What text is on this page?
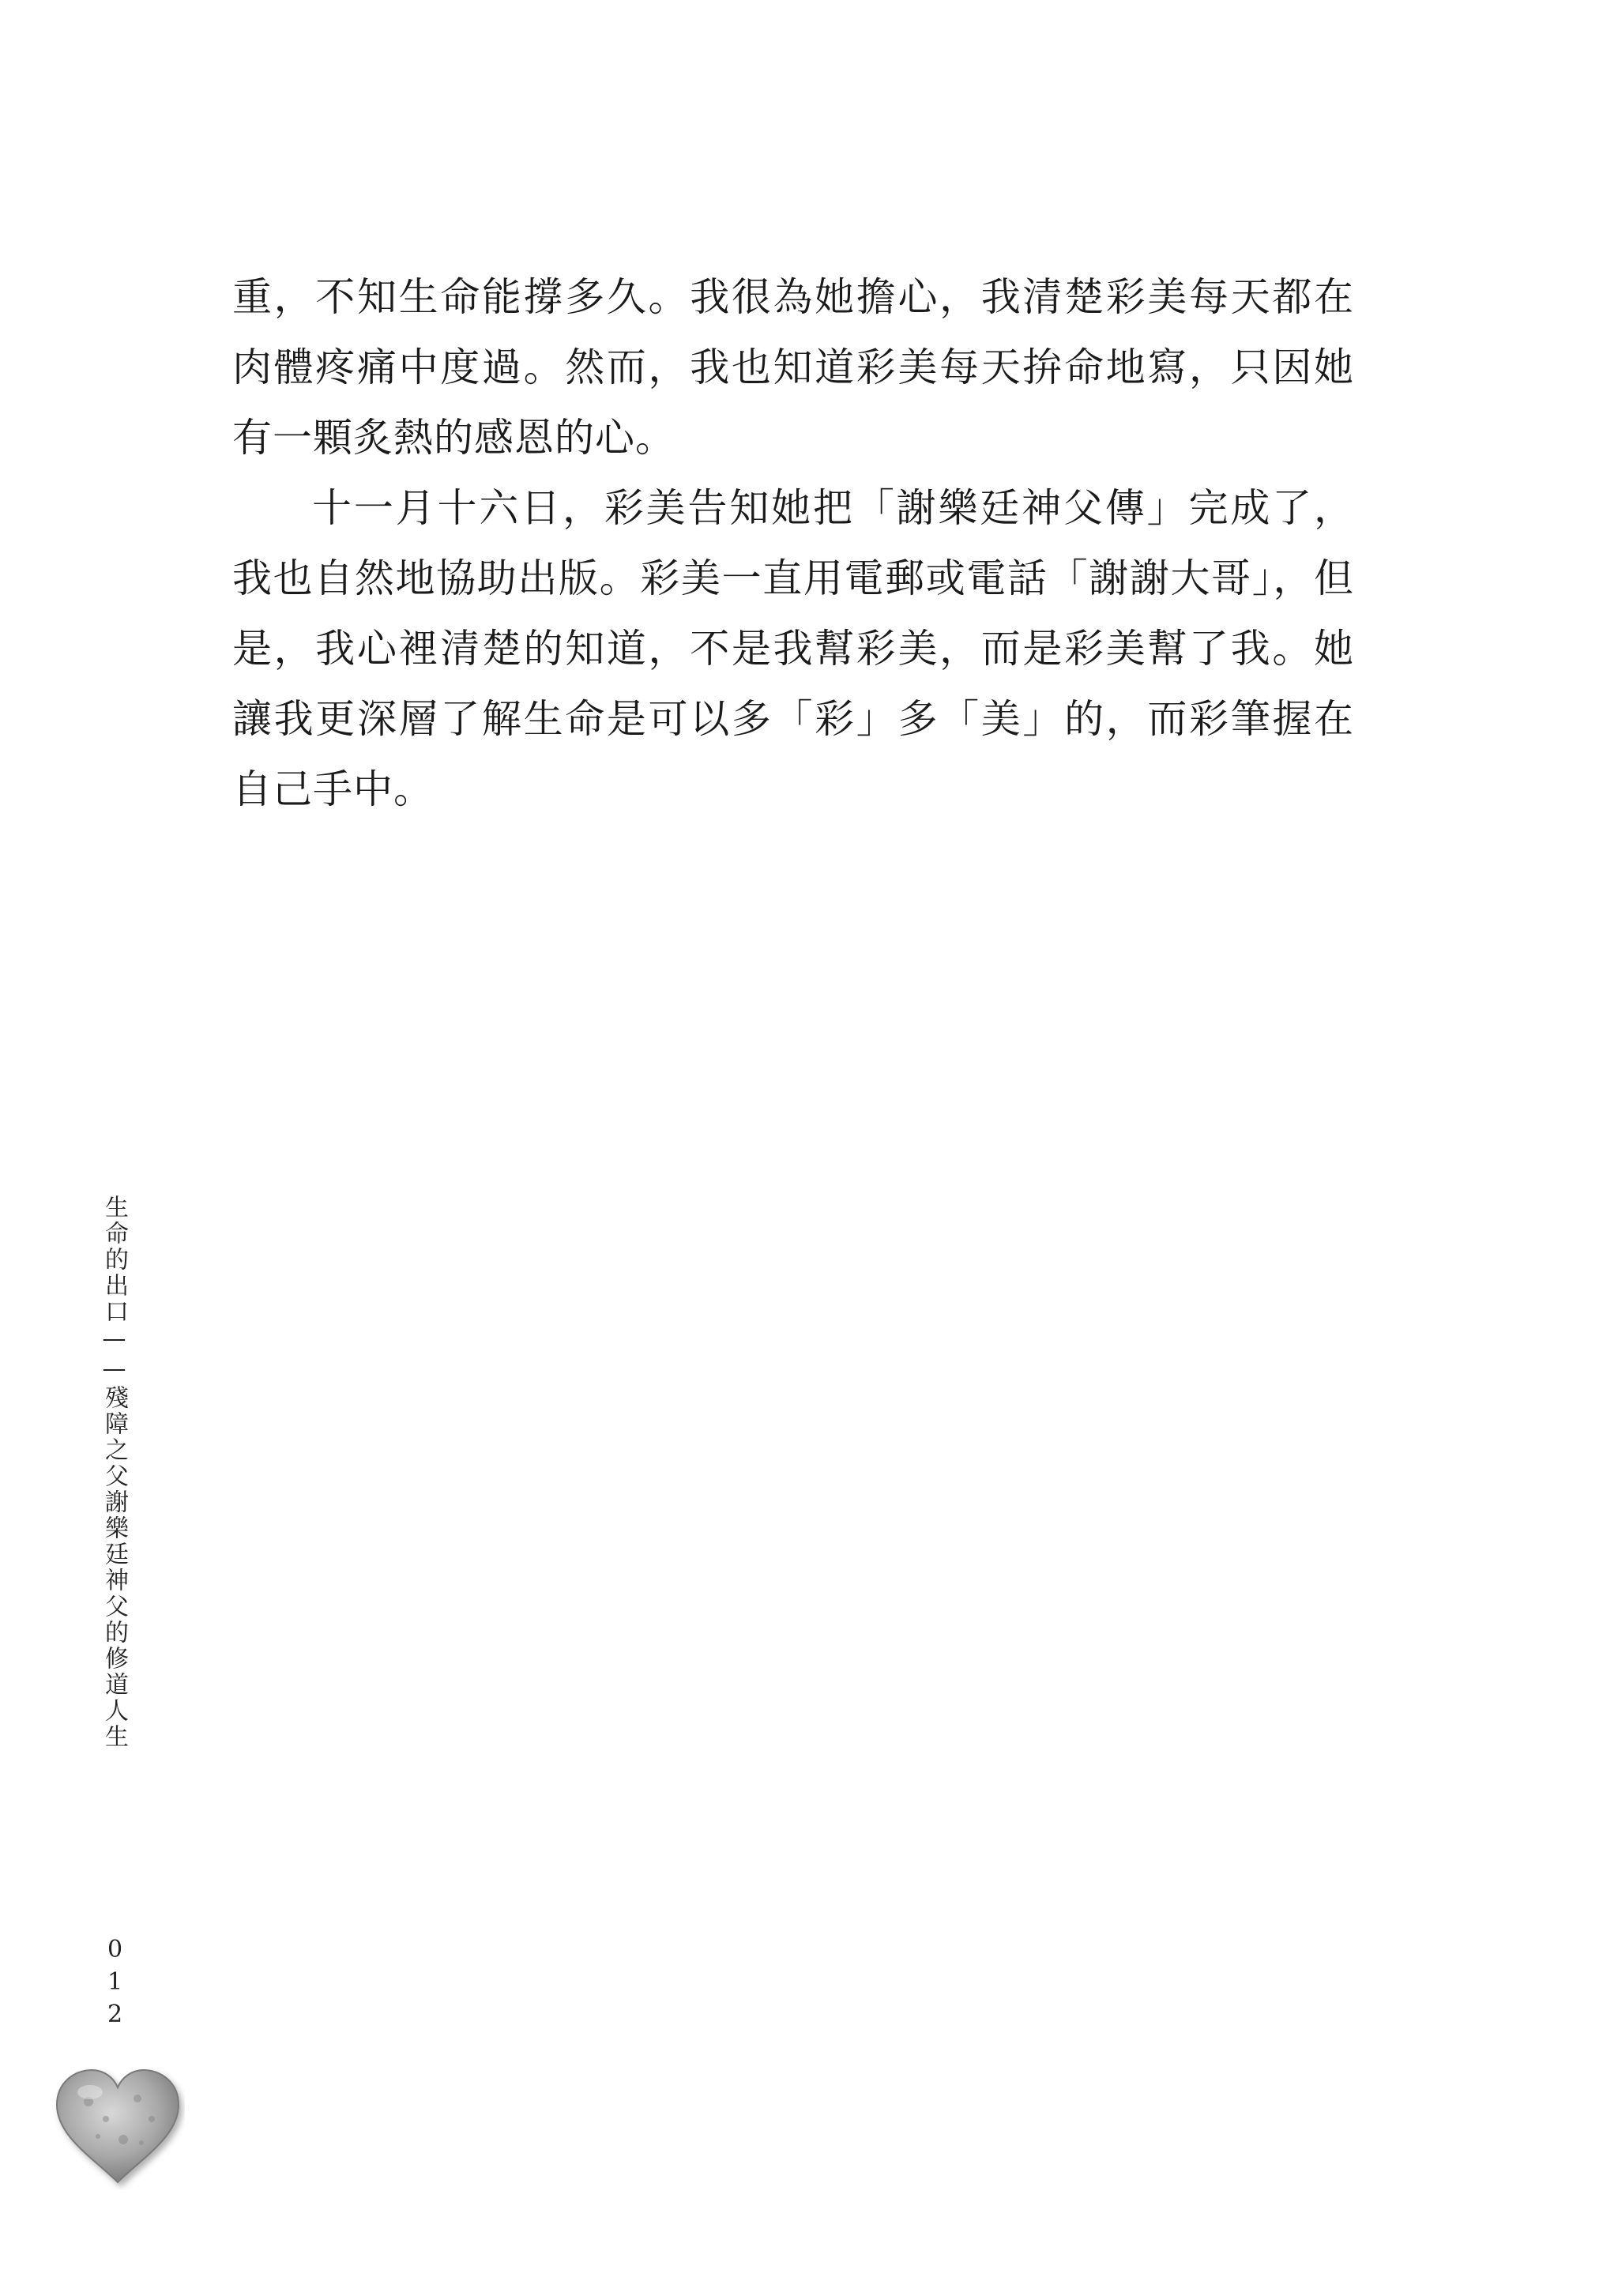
重，不知生命能撐多久。我很為她擔心，我清楚彩美每天都在肉體疼痛中度過。然而，我也知道彩美每天拚命地寫，只因她有一顆炙熱的感恩的心。

十一月十六日，彩美告知她把「謝樂廷神父傳」完成了，我也自然地協助出版。彩美一直用電郵或電話「謝謝大哥」，但是，我心裡清楚的知道，不是我幫彩美，而是彩美幫了我。她讓我更深層了解生命是可以多「彩」多「美」的，而彩筆握在自己手中。

生命的出口——殘障之父謝樂廷神父的修道人生
012
